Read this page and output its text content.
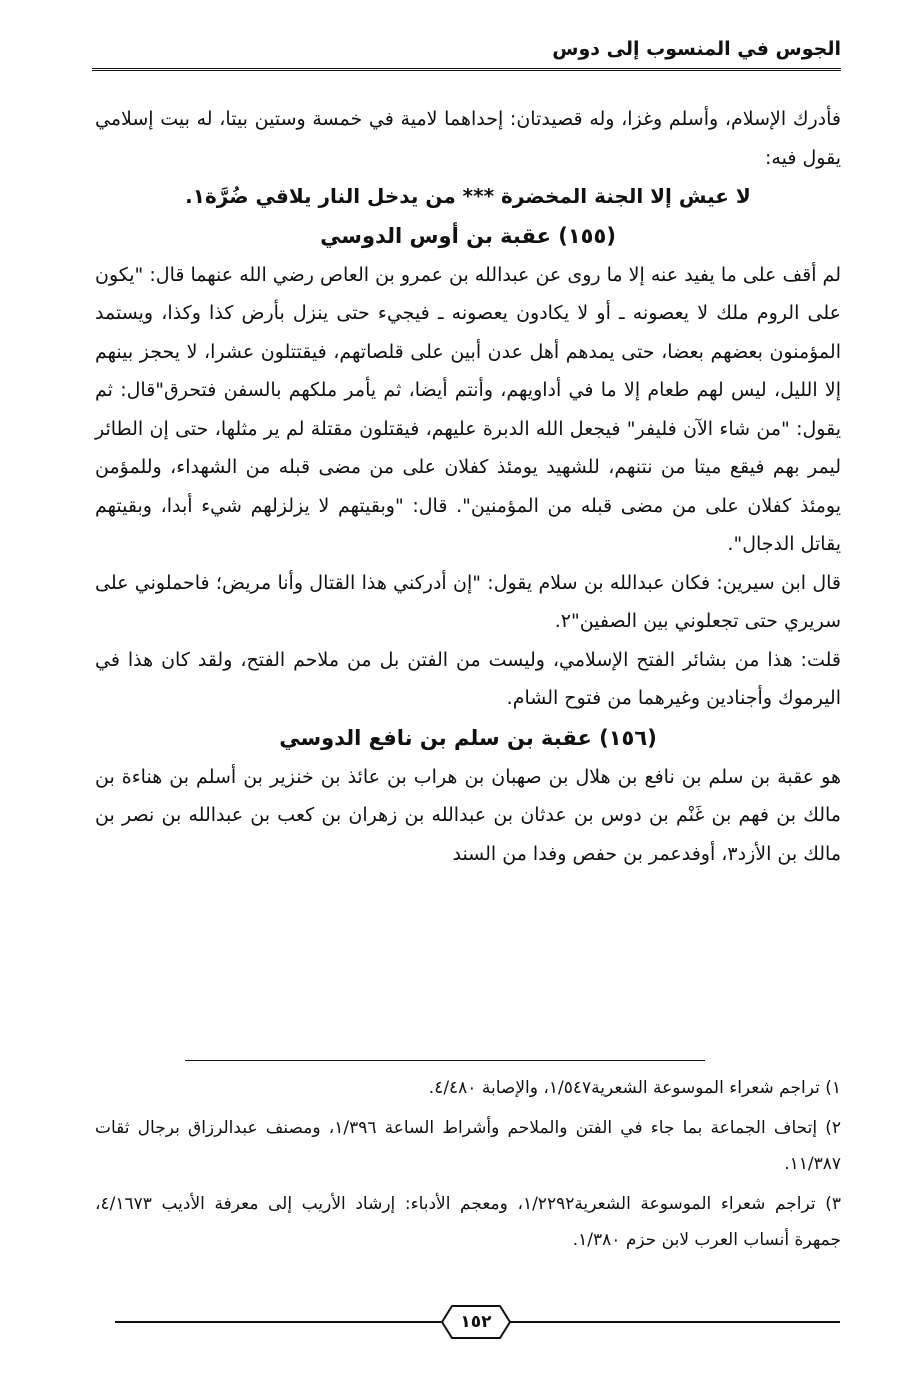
الجوس في المنسوب إلى دوس

فأدرك الإسلام، وأسلم وغزا، وله قصيدتان: إحداهما لامية في خمسة وستين بيتا، له بيت إسلامي يقول فيه:

لا عيش إلا الجنة المخضرة *** من يدخل النار يلاقي ضُرَّة١.

(١٥٥) عقبة بن أوس الدوسي

لم أقف على ما يفيد عنه إلا ما روى عن عبدالله بن عمرو بن العاص رضي الله عنهما قال: "يكون على الروم ملك لا يعصونه ـ أو لا يكادون يعصونه ـ فيجيء حتى ينزل بأرض كذا وكذا، ويستمد المؤمنون بعضهم بعضا، حتى يمدهم أهل عدن أبين على قلصاتهم، فيقتتلون عشرا، لا يحجز بينهم إلا الليل، ليس لهم طعام إلا ما في أداويهم، وأنتم أيضا، ثم يأمر ملكهم بالسفن فتحرق"قال: ثم يقول: "من شاء الآن فليفر" فيجعل الله الدبرة عليهم، فيقتلون مقتلة لم ير مثلها، حتى إن الطائر ليمر بهم فيقع ميتا من نتنهم، للشهيد يومئذ كفلان على من مضى قبله من الشهداء، وللمؤمن يومئذ كفلان على من مضى قبله من المؤمنين". قال: "وبقيتهم لا يزلزلهم شيء أبدا، وبقيتهم يقاتل الدجال".

قال ابن سيرين: فكان عبدالله بن سلام يقول: "إن أدركني هذا القتال وأنا مريض؛ فاحملوني على سريري حتى تجعلوني بين الصفين"٢.

قلت: هذا من بشائر الفتح الإسلامي، وليست من الفتن بل من ملاحم الفتح، ولقد كان هذا في اليرموك وأجنادين وغيرهما من فتوح الشام.

(١٥٦) عقبة بن سلم بن نافع الدوسي

هو عقبة بن سلم بن نافع بن هلال بن صهبان بن هراب بن عائذ بن خنزير بن أسلم بن هناءة بن مالك بن فهم بن غَنْم بن دوس بن عدثان بن عبدالله بن زهران بن كعب بن عبدالله بن نصر بن مالك بن الأزد٣، أوفدعمر بن حفص وفدا من السند

١) تراجم شعراء الموسوعة الشعرية١/٥٤٧، والإصابة ٤/٤٨٠.

٢) إتحاف الجماعة بما جاء في الفتن والملاحم وأشراط الساعة ١/٣٩٦، ومصنف عبدالرزاق برجال ثقات ١١/٣٨٧.

٣) تراجم شعراء الموسوعة الشعرية١/٢٢٩٢، ومعجم الأدباء: إرشاد الأريب إلى معرفة الأديب ٤/١٦٧٣، جمهرة أنساب العرب لابن حزم ١/٣٨٠.

١٥٢
